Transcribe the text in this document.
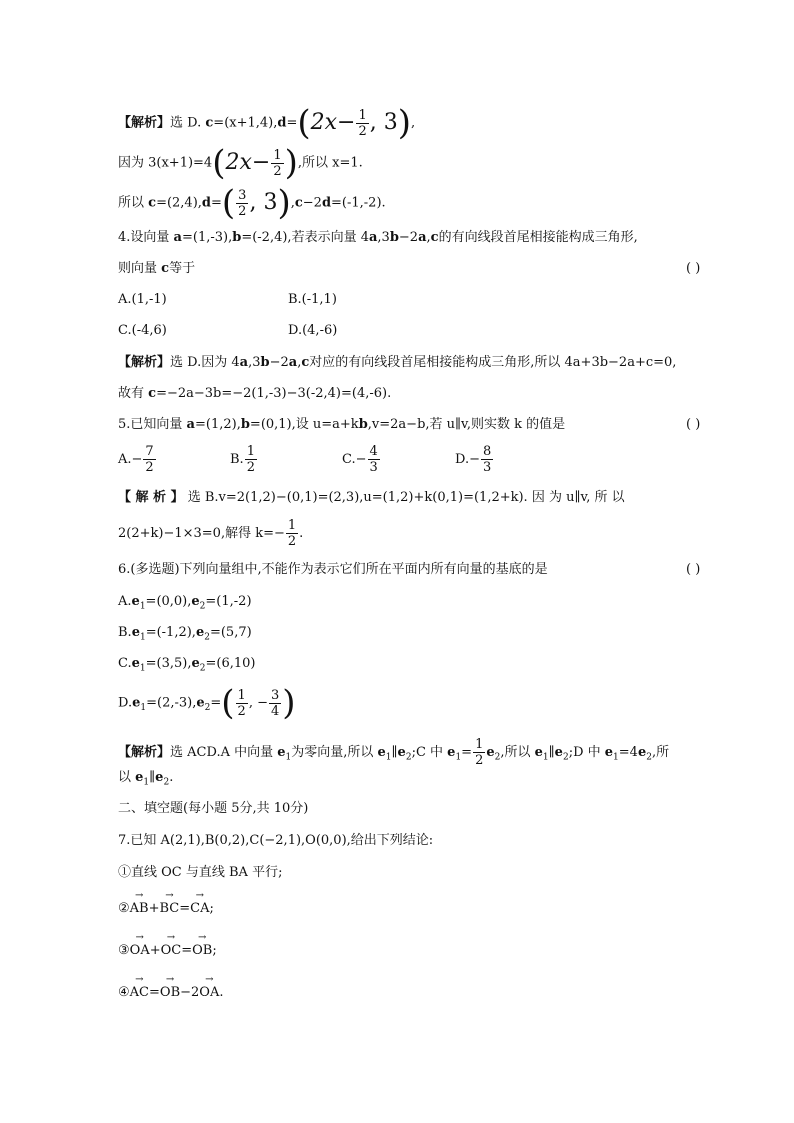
【解析】选 D. $c=(x+1,4),d=(2x- \frac{1}{2}$ , 3),
因为 $3(x+1)=4(2x- \frac{1}{2}$ ),所以 x=1.
所以 $c=(2,4),d=( \frac{3}{2}$ , 3),c−2d=(-1,-2).
4.设向量 a=(1,-3),b=(-2,4),若表示向量 4a,3b−2a,c的有向线段首尾相接能构成三角形,
则向量 c等于	( )
A.(1,-1)	B.(-1,1)
C.(-4,6)	D.(4,-6)
【解析】选 D.因为 4a,3b−2a,c对应的有向线段首尾相接能构成三角形,所以 4a+3b−2a+c=0,
故有 c=−2a−3b=−2(1,-3)−3(-2,4)=(4,-6).
5.已知向量 a=(1,2),b=(0,1),设 u=a+kb,v=2a−b,若 u∥v,则实数 k 的值是	( )
$A.- \frac{7}{2}$	B. $\frac{1}{2}$	$C.- \frac{4}{3}$	$D.- \frac{8}{3}$
【 解 析 】 选 B.v=2(1,2)−(0,1)=(2,3),u=(1,2)+k(0,1)=(1,2+k). 因 为 u∥v, 所 以
2(2+k)−1×3=0,解得 $k=- \frac{1}{2}$ .
6.(多选题)下列向量组中,不能作为表示它们所在平面内所有向量的基底的是	( )
$A.e_1=(0,0),e_2=(1,-2)$
$B.e_1=(-1,2),e_2=(5,7)$
$C.e_1=(3,5),e_2=(6,10)$
$D.e_1=(2,-3),e_2=( \frac{1}{2}$ , − $\frac{3}{4}$ )
【解析】选 ACD.A 中向量 $e_1$为零向量,所以 $e_1\parallel e_2;C$ 中 $e_1= \frac{1}{2} e_2$,所以 $e_1\parallel e_2;D$ 中 $e_1=4e_2$,所
以 $e_1\parallel e_2$.
二、填空题(每小题 5分,共 10分)
7.已知 A(2,1),B(0,2),C(−2,1),O(0,0),给出下列结论:
①直线 OC 与直线 BA 平行;
②→ AB+→ BC=→ CA;
③→ OA+→ OC=→ OB;
④→ AC=→ OB−2→ OA.
